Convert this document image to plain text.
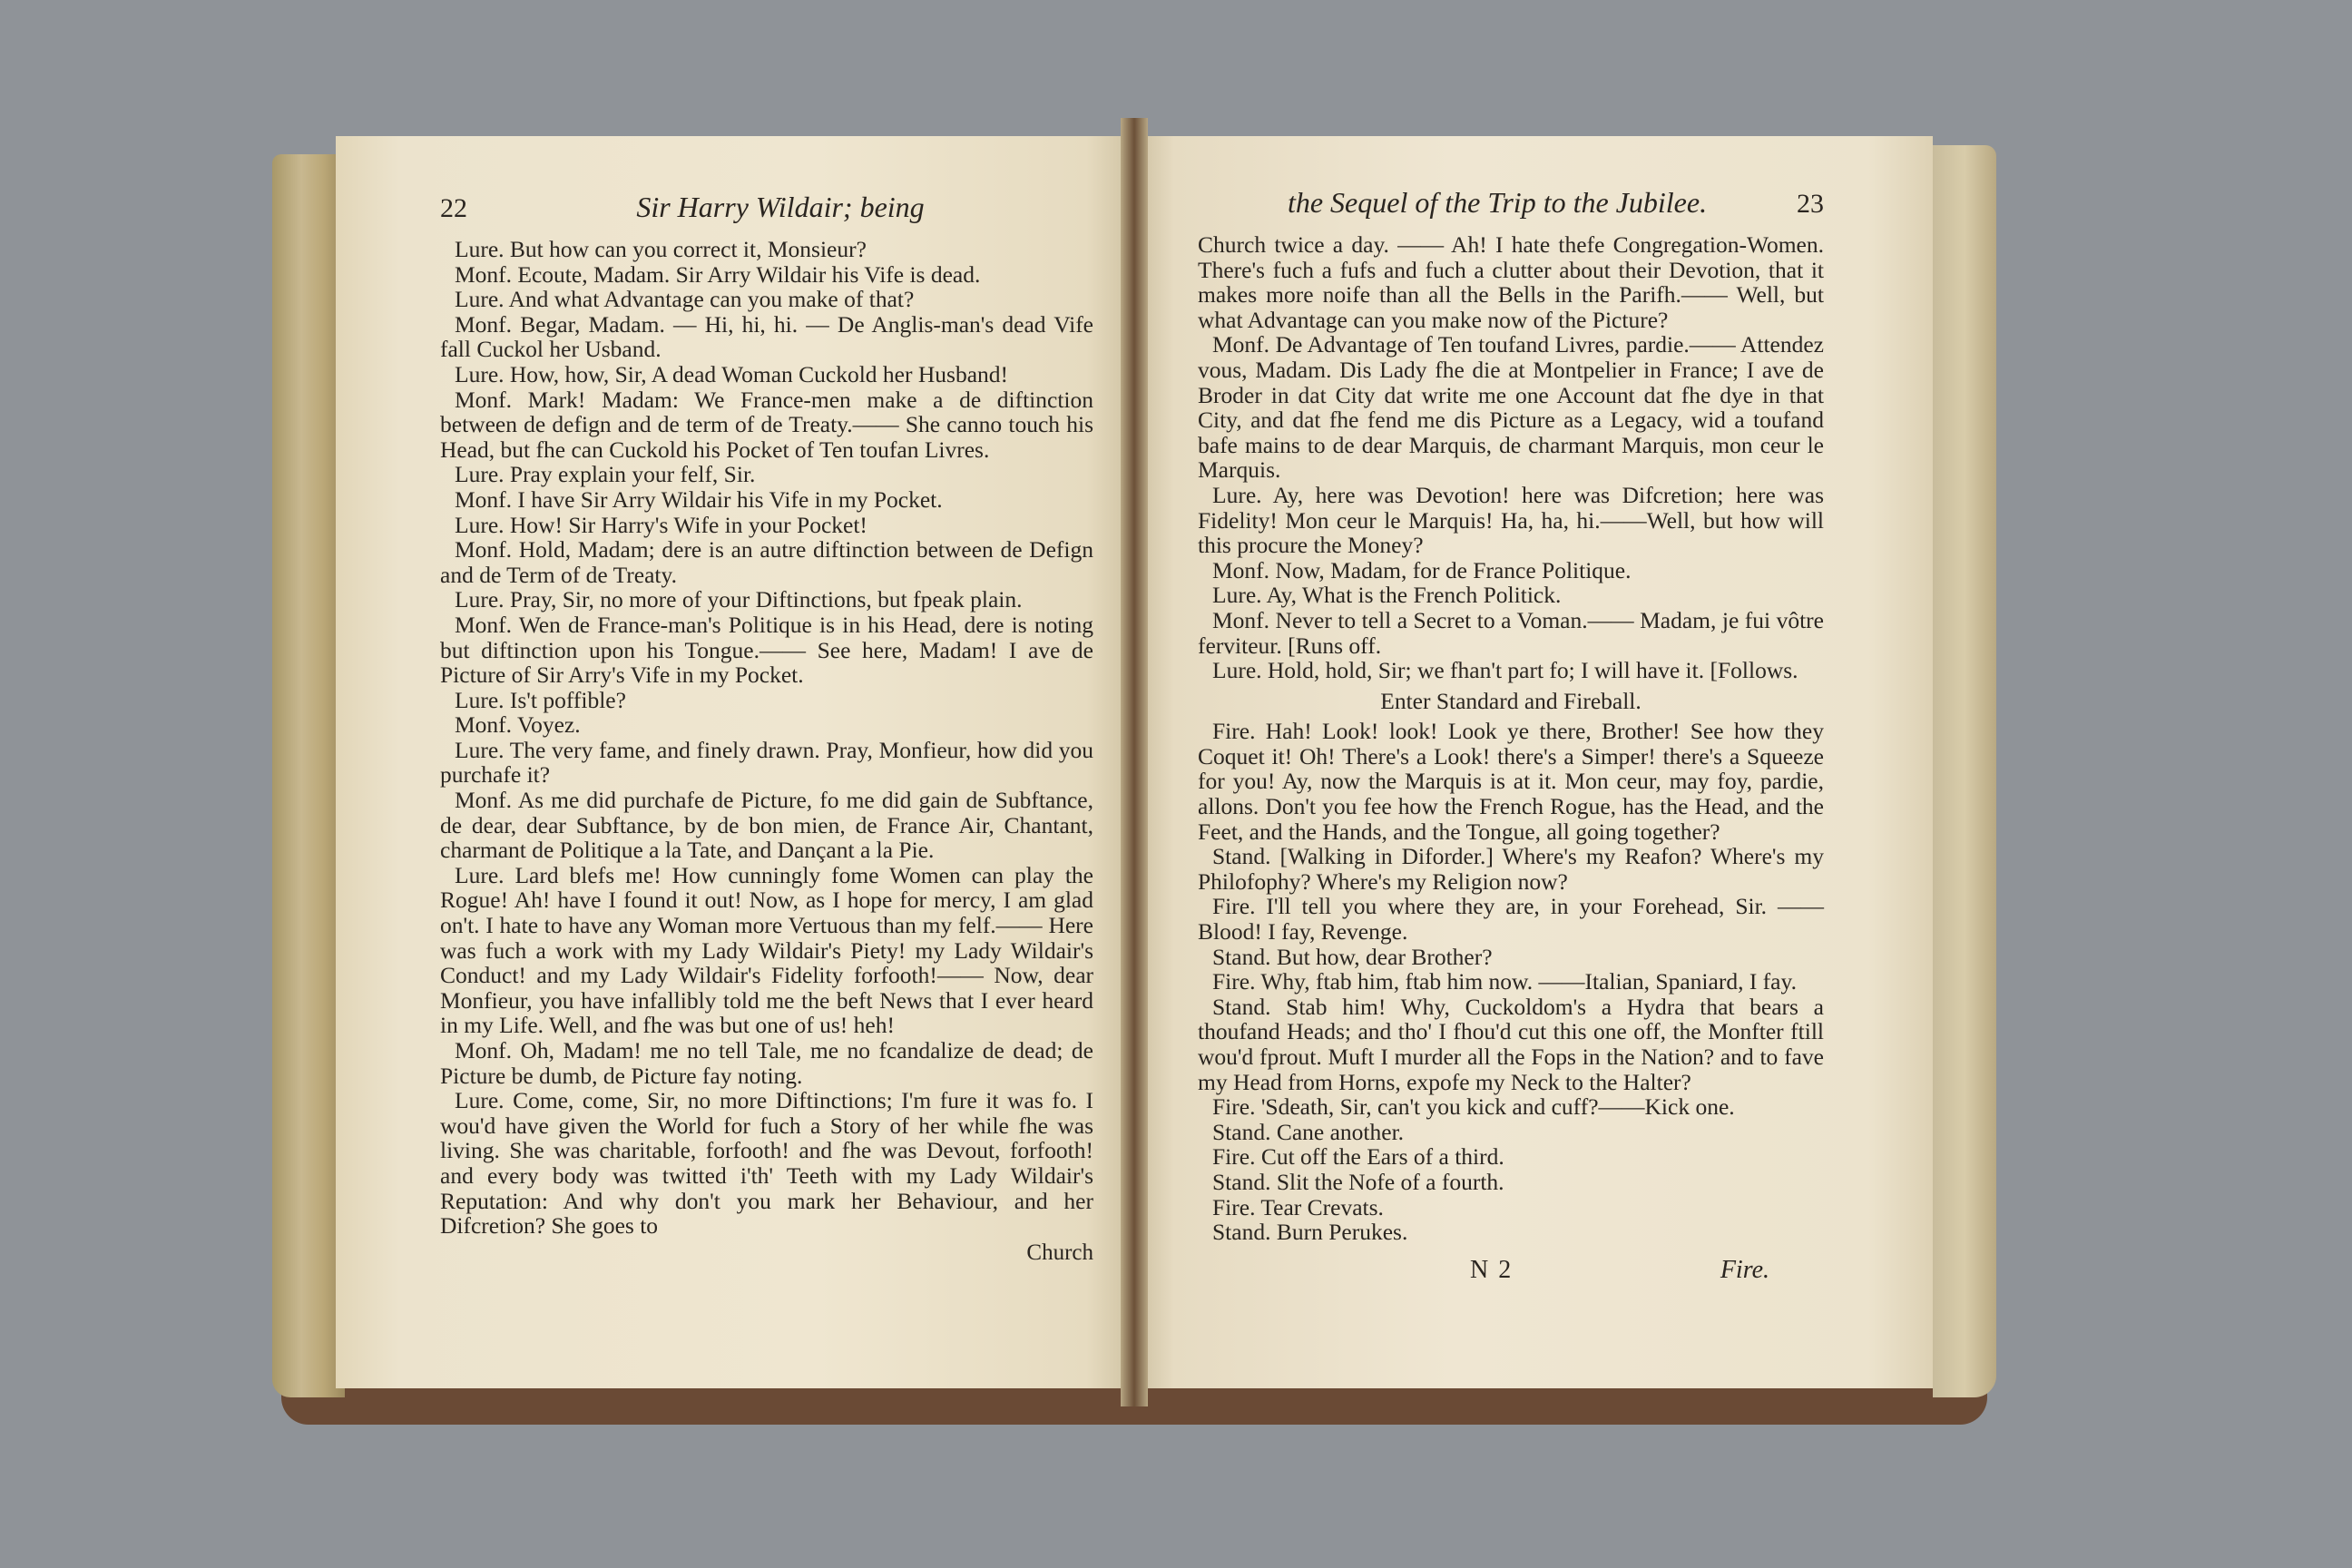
22	Sir Harry Wildair; being

Lure. But how can you correct it, Monsieur?

Monf. Ecoute, Madam. Sir Arry Wildair his Vife is dead.

Lure. And what Advantage can you make of that?

Monf. Begar, Madam. — Hi, hi, hi. — De Anglis-man's dead Vife fall Cuckol her Usband.

Lure. How, how, Sir, A dead Woman Cuckold her Husband!

Monf. Mark! Madam: We France-men make a de diftinction between de defign and de term of de Treaty.—— She canno touch his Head, but fhe can Cuckold his Pocket of Ten toufan Livres.

Lure. Pray explain your felf, Sir.

Monf. I have Sir Arry Wildair his Vife in my Pocket.

Lure. How! Sir Harry's Wife in your Pocket!

Monf. Hold, Madam; dere is an autre diftinction between de Defign and de Term of de Treaty.

Lure. Pray, Sir, no more of your Diftinctions, but fpeak plain.

Monf. Wen de France-man's Politique is in his Head, dere is noting but diftinction upon his Tongue.—— See here, Madam! I ave de Picture of Sir Arry's Vife in my Pocket.

Lure. Is't poffible?

Monf. Voyez.

Lure. The very fame, and finely drawn. Pray, Monfieur, how did you purchafe it?

Monf. As me did purchafe de Picture, fo me did gain de Subftance, de dear, dear Subftance, by de bon mien, de France Air, Chantant, charmant de Politique a la Tate, and Dançant a la Pie.

Lure. Lard blefs me! How cunningly fome Women can play the Rogue! Ah! have I found it out! Now, as I hope for mercy, I am glad on't. I hate to have any Woman more Vertuous than my felf.—— Here was fuch a work with my Lady Wildair's Piety! my Lady Wildair's Conduct! and my Lady Wildair's Fidelity forfooth!—— Now, dear Monfieur, you have infallibly told me the beft News that I ever heard in my Life. Well, and fhe was but one of us! heh!

Monf. Oh, Madam! me no tell Tale, me no fcandalize de dead; de Picture be dumb, de Picture fay noting.

Lure. Come, come, Sir, no more Diftinctions; I'm fure it was fo. I wou'd have given the World for fuch a Story of her while fhe was living. She was charitable, forfooth! and fhe was Devout, forfooth! and every body was twitted i'th' Teeth with my Lady Wildair's Reputation: And why don't you mark her Behaviour, and her Difcretion? She goes to

Church
the Sequel of the Trip to the Jubilee.	23

Church twice a day. —— Ah! I hate thefe Congregation-Women. There's fuch a fufs and fuch a clutter about their Devotion, that it makes more noife than all the Bells in the Parifh.—— Well, but what Advantage can you make now of the Picture?

Monf. De Advantage of Ten toufand Livres, pardie.—— Attendez vous, Madam. Dis Lady fhe die at Montpelier in France; I ave de Broder in dat City dat write me one Account dat fhe dye in that City, and dat fhe fend me dis Picture as a Legacy, wid a toufand bafe mains to de dear Marquis, de charmant Marquis, mon ceur le Marquis.

Lure. Ay, here was Devotion! here was Difcretion; here was Fidelity! Mon ceur le Marquis! Ha, ha, hi.——Well, but how will this procure the Money?

Monf. Now, Madam, for de France Politique.

Lure. Ay, What is the French Politick.

Monf. Never to tell a Secret to a Voman.—— Madam, je fui vôtre ferviteur. [Runs off.

Lure. Hold, hold, Sir; we fhan't part fo; I will have it. [Follows.

Enter Standard and Fireball.

Fire. Hah! Look! look! Look ye there, Brother! See how they Coquet it! Oh! There's a Look! there's a Simper! there's a Squeeze for you! Ay, now the Marquis is at it. Mon ceur, may foy, pardie, allons. Don't you fee how the French Rogue, has the Head, and the Feet, and the Hands, and the Tongue, all going together?

Stand. [Walking in Diforder.] Where's my Reafon? Where's my Philofophy? Where's my Religion now?

Fire. I'll tell you where they are, in your Forehead, Sir. ——Blood! I fay, Revenge.

Stand. But how, dear Brother?

Fire. Why, ftab him, ftab him now. ——Italian, Spaniard, I fay.

Stand. Stab him! Why, Cuckoldom's a Hydra that bears a thoufand Heads; and tho' I fhou'd cut this one off, the Monfter ftill wou'd fprout. Muft I murder all the Fops in the Nation? and to fave my Head from Horns, expofe my Neck to the Halter?

Fire. 'Sdeath, Sir, can't you kick and cuff?——Kick one.

Stand. Cane another.

Fire. Cut off the Ears of a third.

Stand. Slit the Nofe of a fourth.

Fire. Tear Crevats.

Stand. Burn Perukes.

N 2	Fire.
